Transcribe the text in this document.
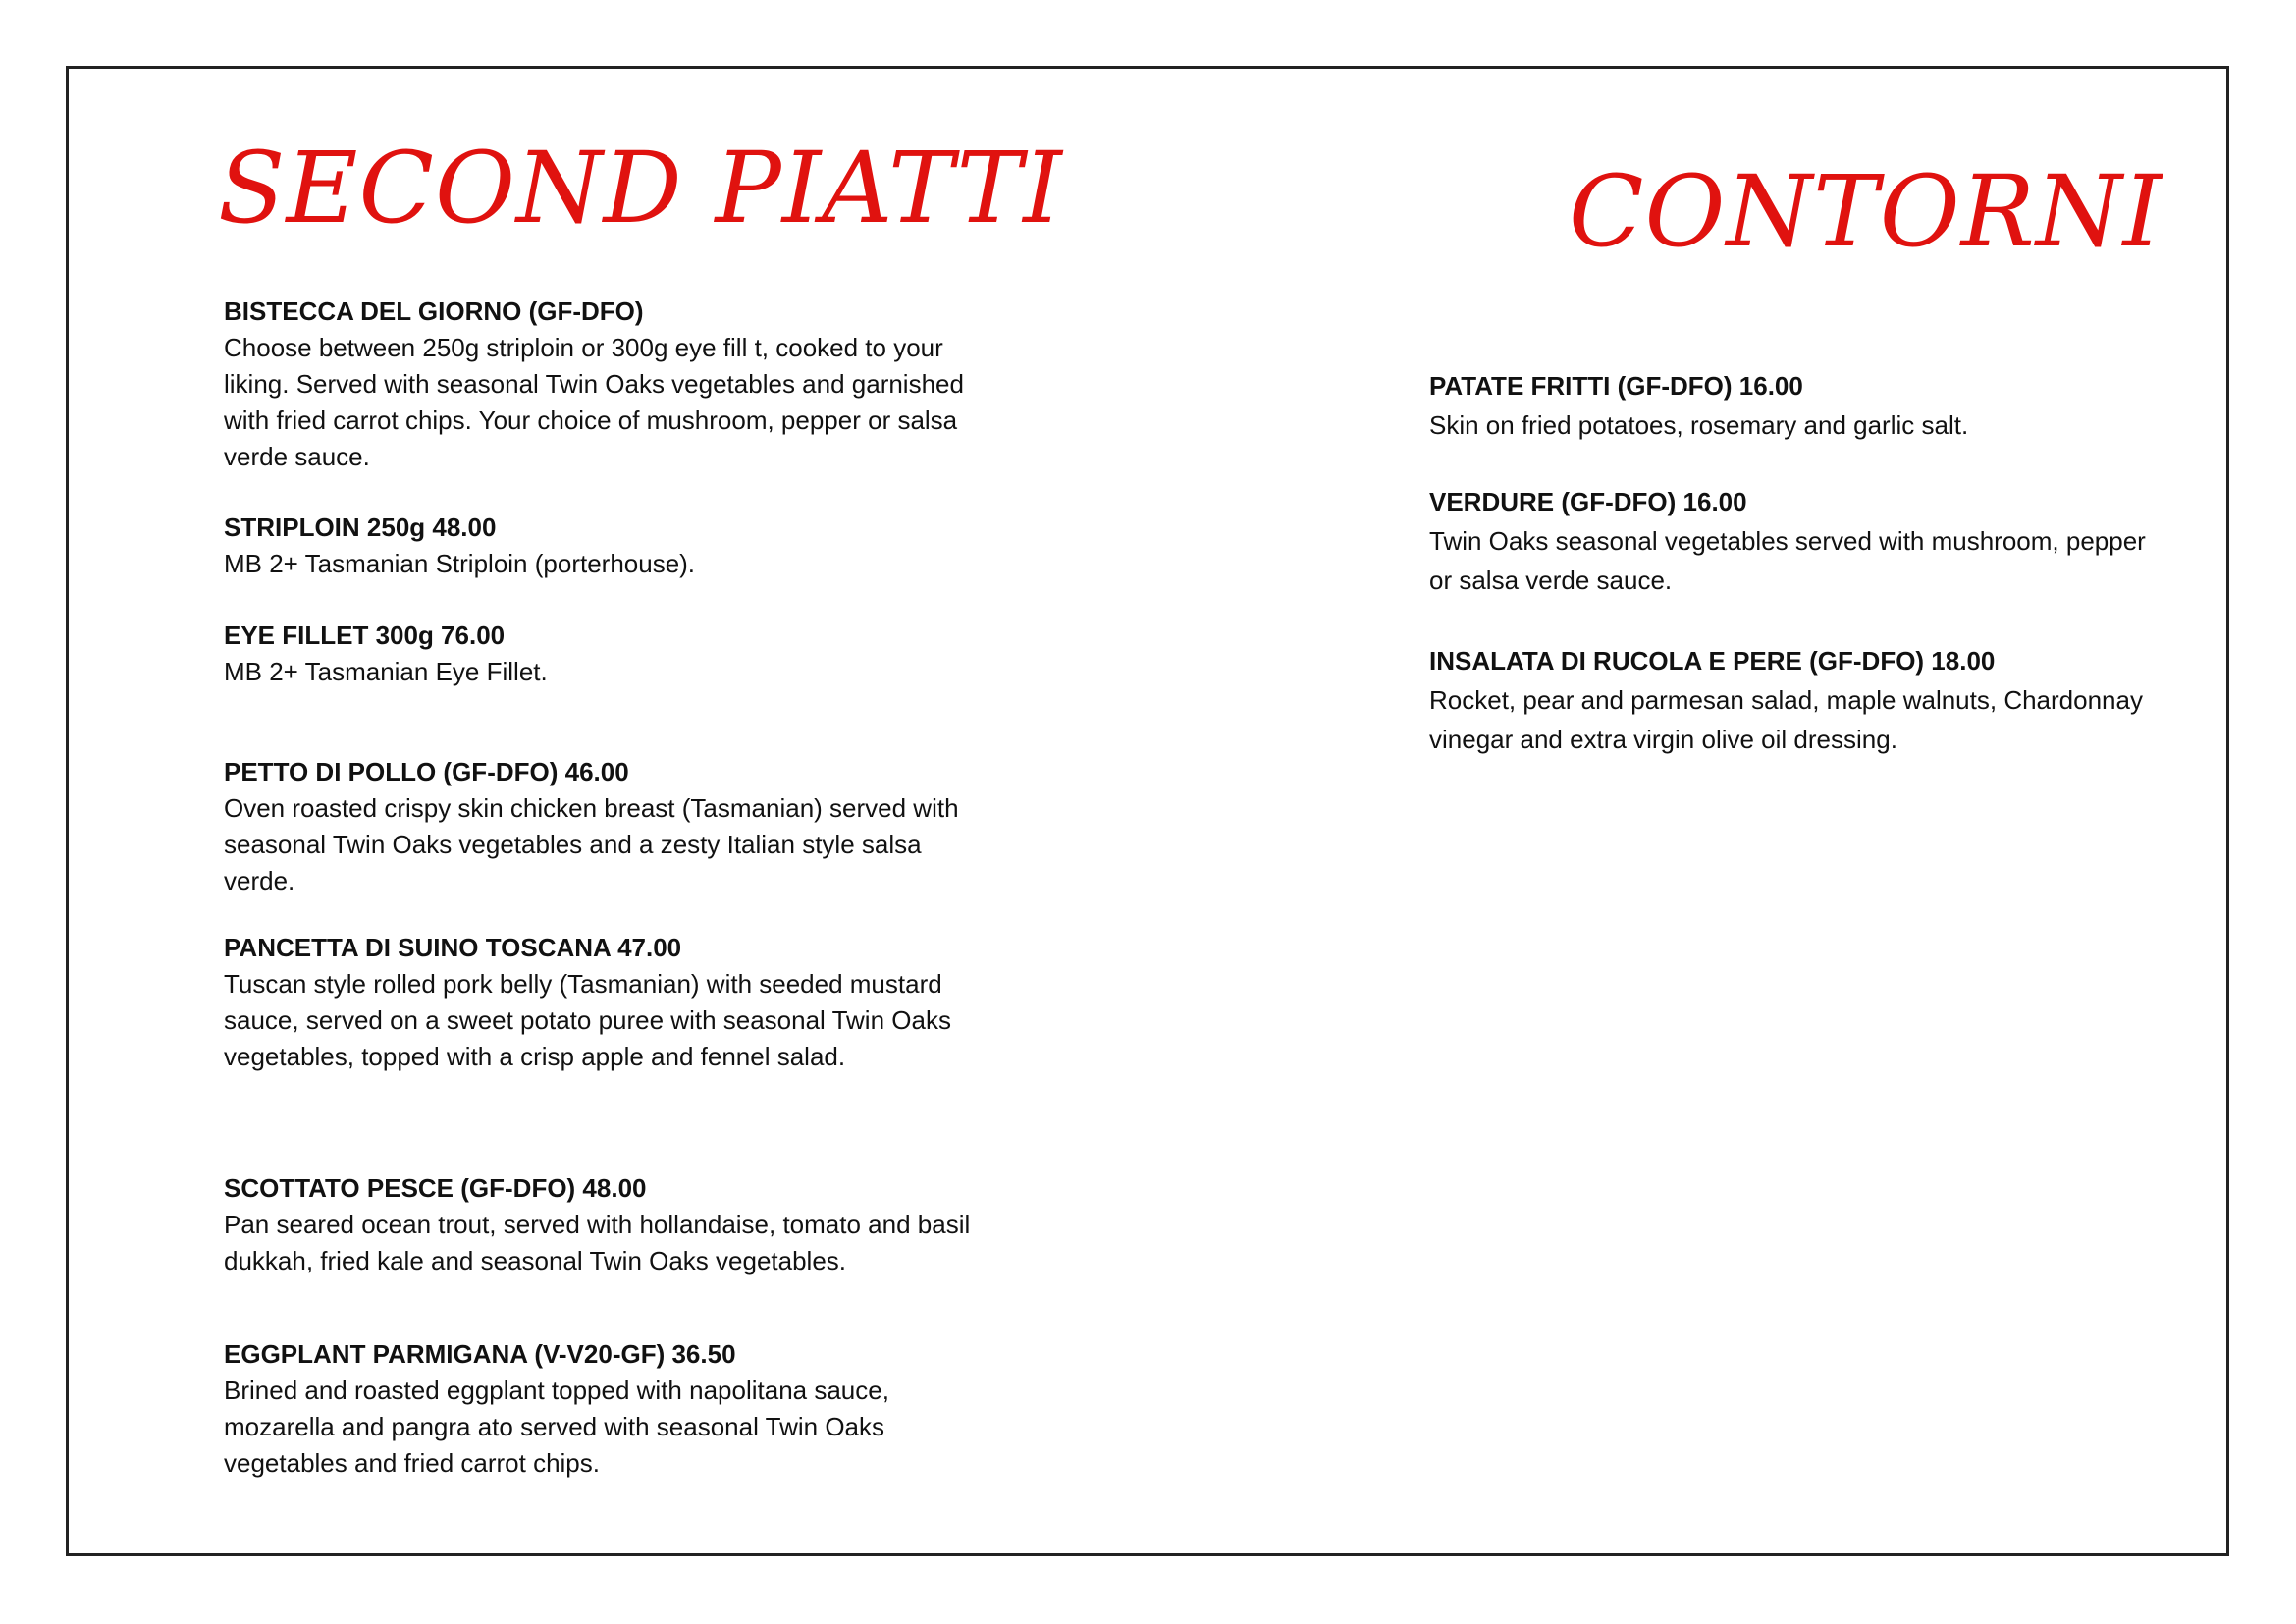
SECOND PIATTI	CONTORNI
BISTECCA DEL GIORNO (GF-DFO)
Choose between 250g striploin or 300g eye fill t, cooked to your liking. Served with seasonal Twin Oaks vegetables and garnished with fried carrot chips. Your choice of mushroom, pepper or salsa verde sauce.
STRIPLOIN 250g 48.00
MB 2+ Tasmanian Striploin (porterhouse).
EYE FILLET 300g 76.00
MB 2+ Tasmanian Eye Fillet.
PETTO DI POLLO (GF-DFO) 46.00
Oven roasted crispy skin chicken breast (Tasmanian) served with seasonal Twin Oaks vegetables and a zesty Italian style salsa verde.
PANCETTA DI SUINO TOSCANA 47.00
Tuscan style rolled pork belly (Tasmanian) with seeded mustard sauce, served on a sweet potato puree with seasonal Twin Oaks vegetables, topped with a crisp apple and fennel salad.
SCOTTATO PESCE (GF-DFO) 48.00
Pan seared ocean trout, served with hollandaise, tomato and basil dukkah, fried kale and seasonal Twin Oaks vegetables.
EGGPLANT PARMIGANA (V-V20-GF) 36.50
Brined and roasted eggplant topped with napolitana sauce, mozarella and pangra ato served with seasonal Twin Oaks vegetables and fried carrot chips.
PATATE FRITTI (GF-DFO) 16.00
Skin on fried potatoes, rosemary and garlic salt.
VERDURE (GF-DFO) 16.00
Twin Oaks seasonal vegetables served with mushroom, pepper or salsa verde sauce.
INSALATA DI RUCOLA E PERE (GF-DFO) 18.00
Rocket, pear and parmesan salad, maple walnuts, Chardonnay vinegar and extra virgin olive oil dressing.
